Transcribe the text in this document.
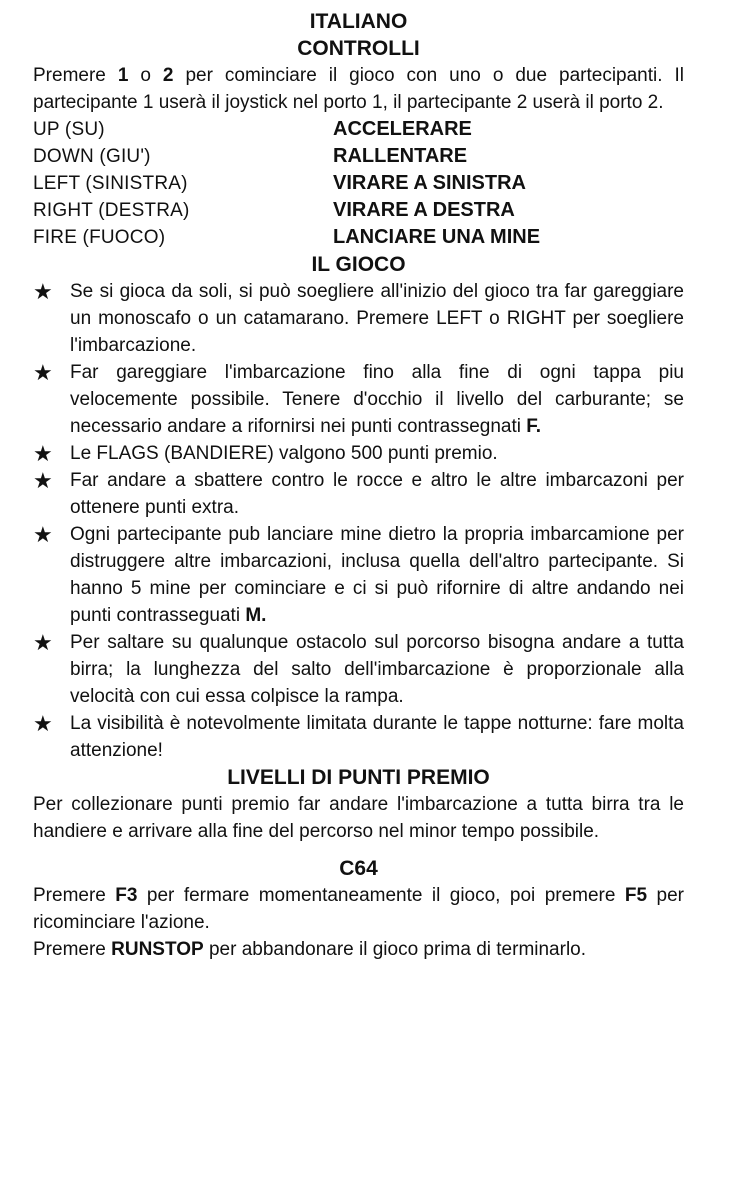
ITALIANO
CONTROLLI

Premere 1 o 2 per cominciare il gioco con uno o due partecipanti. Il partecipante 1 userà il joystick nel porto 1, il partecipante 2 userà il porto 2.

UP (SU)	ACCELERARE
DOWN (GIU')	RALLENTARE
LEFT (SINISTRA)	VIRARE A SINISTRA
RIGHT (DESTRA)	VIRARE A DESTRA
FIRE (FUOCO)	LANCIARE UNA MINE
IL GIOCO
★ Se si gioca da soli, si può soegliere all'inizio del gioco tra far gareggiare un monoscafo o un catamarano. Premere LEFT o RIGHT per soegliere l'imbarcazione.
★ Far gareggiare l'imbarcazione fino alla fine di ogni tappa piu velocemente possibile. Tenere d'occhio il livello del carburante; se necessario andare a rifornirsi nei punti contrassegnati F.
★ Le FLAGS (BANDIERE) valgono 500 punti premio.
★ Far andare a sbattere contro le rocce e altro le altre imbarcazoni per ottenere punti extra.
★ Ogni partecipante pub lanciare mine dietro la propria imbarcamione per distruggere altre imbarcazioni, inclusa quella dell'altro partecipante. Si hanno 5 mine per cominciare e ci si può rifornire di altre andando nei punti contrasseguati M.
★ Per saltare su qualunque ostacolo sul porcorso bisogna andare a tutta birra; la lunghezza del salto dell'imbarcazione è proporzionale alla velocità con cui essa colpisce la rampa.
★ La visibilità è notevolmente limitata durante le tappe notturne: fare molta attenzione!
LIVELLI DI PUNTI PREMIO

Per collezionare punti premio far andare l'imbarcazione a tutta birra tra le handiere e arrivare alla fine del percorso nel minor tempo possibile.

C64

Premere F3 per fermare momentaneamente il gioco, poi premere F5 per ricominciare l'azione.

Premere RUNSTOP per abbandonare il gioco prima di terminarlo.
